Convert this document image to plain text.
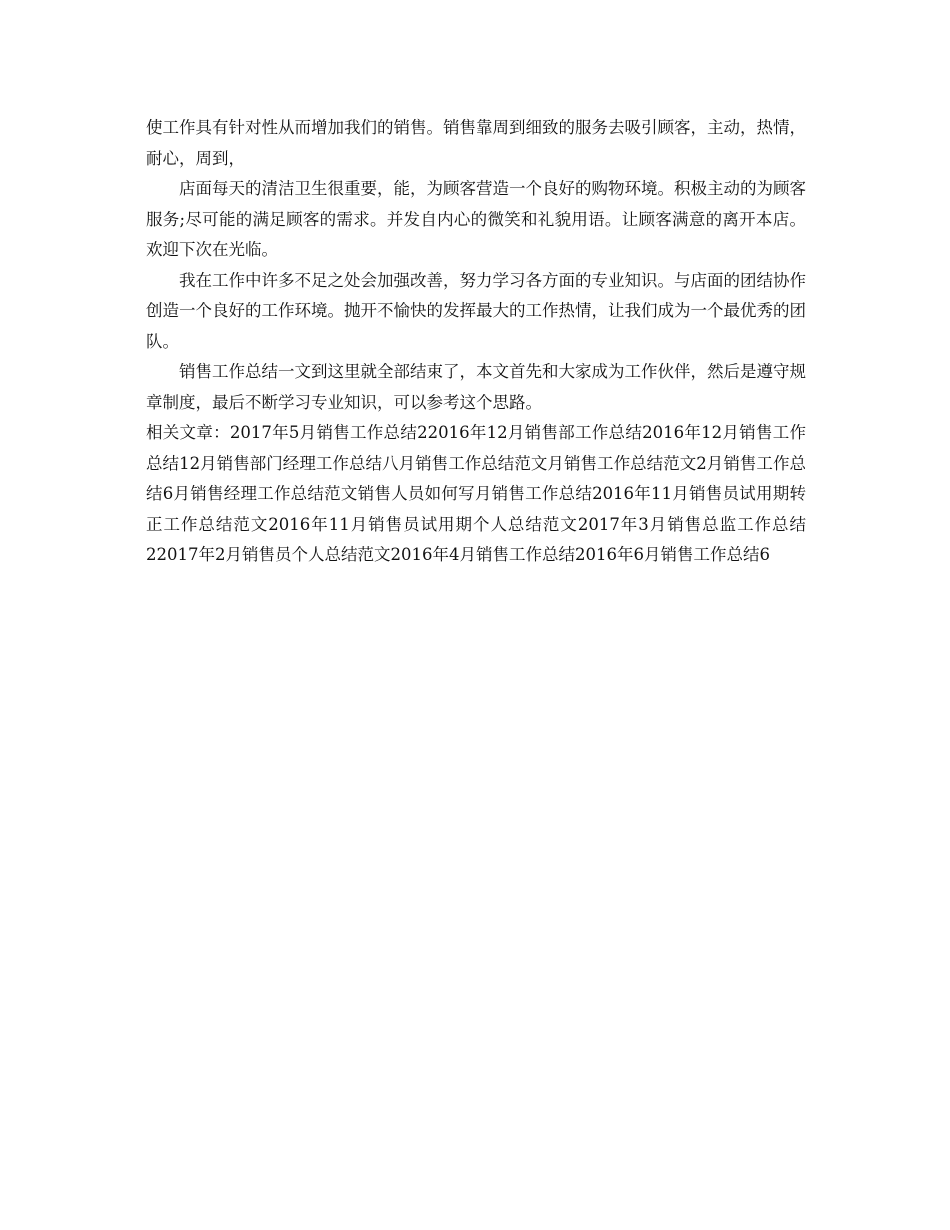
使工作具有针对性从而增加我们的销售。销售靠周到细致的服务去吸引顾客，主动，热情，耐心，周到，

店面每天的清洁卫生很重要，能，为顾客营造一个良好的购物环境。积极主动的为顾客服务;尽可能的满足顾客的需求。并发自内心的微笑和礼貌用语。让顾客满意的离开本店。欢迎下次在光临。

我在工作中许多不足之处会加强改善，努力学习各方面的专业知识。与店面的团结协作创造一个良好的工作环境。抛开不愉快的发挥最大的工作热情，让我们成为一个最优秀的团队。

销售工作总结一文到这里就全部结束了，本文首先和大家成为工作伙伴，然后是遵守规章制度，最后不断学习专业知识，可以参考这个思路。

相关文章：2017年5月销售工作总结22016年12月销售部工作总结2016年12月销售工作总结12月销售部门经理工作总结八月销售工作总结范文月销售工作总结范文2月销售工作总结6月销售经理工作总结范文销售人员如何写月销售工作总结2016年11月销售员试用期转正工作总结范文2016年11月销售员试用期个人总结范文2017年3月销售总监工作总结22017年2月销售员个人总结范文2016年4月销售工作总结2016年6月销售工作总结6
